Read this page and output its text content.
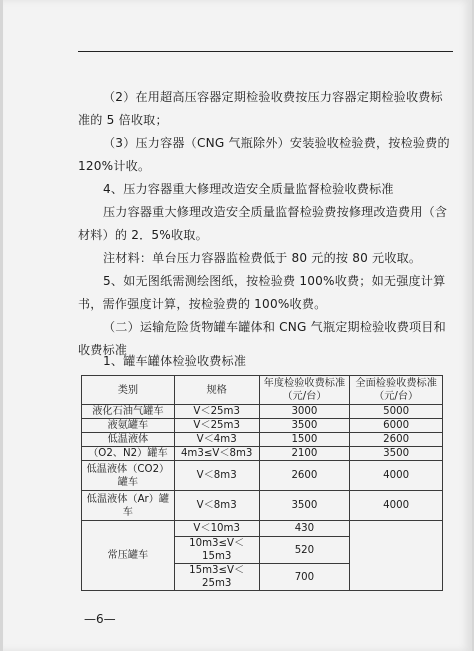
（2）在用超高压容器定期检验收费按压力容器定期检验收费标准的 5 倍收取；

（3）压力容器（CNG 气瓶除外）安装验收检验费，按检验费的 120%计收。

4、压力容器重大修理改造安全质量监督检验收费标准

压力容器重大修理改造安全质量监督检验费按修理改造费用（含材料）的 2．5%收取。

注材料：单台压力容器监检费低于 80 元的按 80 元收取。

5、如无图纸需测绘图纸，按检验费 100%收费；如无强度计算书，需作强度计算，按检验费的 100%收费。

（二）运输危险货物罐车罐体和 CNG 气瓶定期检验收费项目和收费标准

1、罐车罐体检验收费标准

类别	规格	年度检验收费标准（元/台）	全面检验收费标准（元/台）
液化石油气罐车	V＜25m3	3000	5000
液氨罐车	V＜25m3	3500	6000
低温液体	V＜4m3	1500	2600
（O2、N2）罐车	4m3≤V＜8m3	2100	3500
低温液体（CO2）罐车	V＜8m3	2600	4000
低温液体（Ar）罐车	V＜8m3	3500	4000
常压罐车	V＜10m3	430	
	10m3≤V＜15m3	520	
	15m3≤V＜25m3	700	
—6—
